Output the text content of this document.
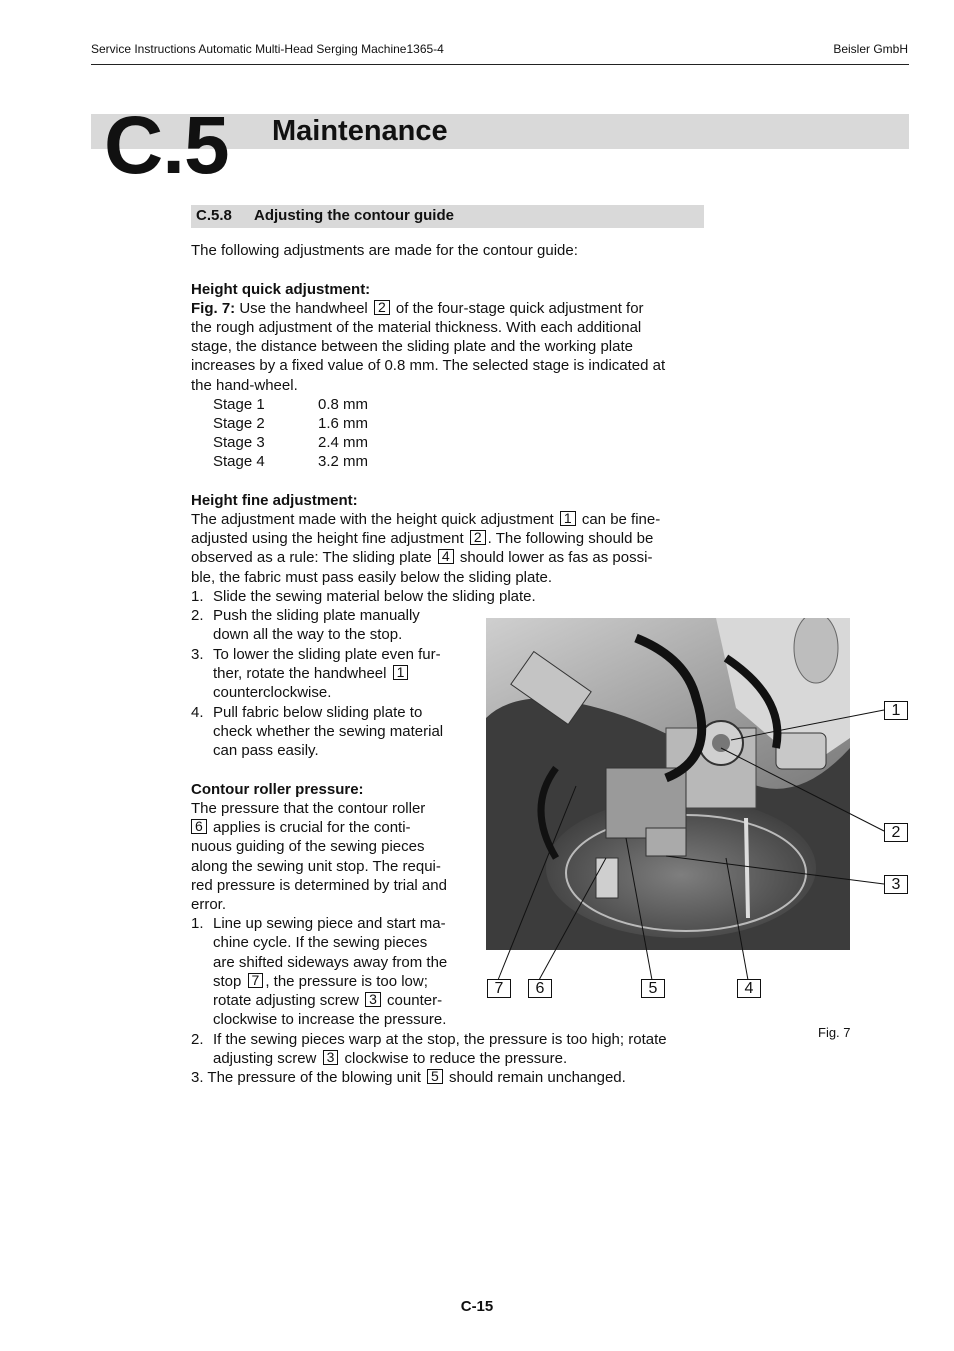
Service Instructions Automatic Multi-Head Serging Machine1365-4	Beisler GmbH
C.5 Maintenance
C.5.8 Adjusting the contour guide
The following adjustments are made for the contour guide:
Height quick adjustment:
Fig. 7: Use the handwheel 2 of the four-stage quick adjustment for
the rough adjustment of the material thickness. With each additional
stage, the distance between the sliding plate and the working plate
increases by a fixed value of 0.8 mm. The selected stage is indicated at
the hand-wheel.
Stage 1	0.8 mm
Stage 2	1.6 mm
Stage 3	2.4 mm
Stage 4	3.2 mm
Height fine adjustment:
The adjustment made with the height quick adjustment 1 can be fine-
adjusted using the height fine adjustment 2 . The following should be
observed as a rule: The sliding plate 4 should lower as fas as possi-
ble, the fabric must pass easily below the sliding plate.
1. Slide the sewing material below the sliding plate.
2. Push the sliding plate manually
down all the way to the stop.
3. To lower the sliding plate even fur-
ther, rotate the handwheel 1
counterclockwise.
4. Pull fabric below sliding plate to
check whether the sewing material
can pass easily.
Contour roller pressure:
The pressure that the contour roller
6 applies is crucial for the conti-
nuous guiding of the sewing pieces
along the sewing unit stop. The requi-
red pressure is determined by trial and
error.
1. Line up sewing piece and start ma-
chine cycle. If the sewing pieces
are shifted sideways away from the
stop 7 , the pressure is too low;
rotate adjusting screw 3 counter-
clockwise to increase the pressure.
2. If the sewing pieces warp at the stop, the pressure is too high; rotate
adjusting screw 3 clockwise to reduce the pressure.
3. The pressure of the blowing unit 5 should remain unchanged.
1
2
3
7	6	5	4
Fig. 7
C-15
